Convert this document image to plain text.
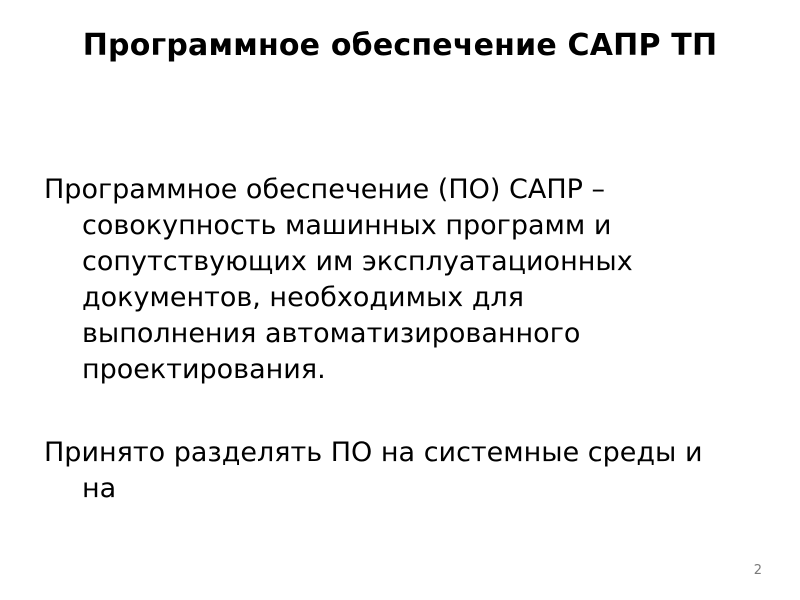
Программное обеспечение САПР ТП

Программное обеспечение (ПО) САПР – совокупность машинных программ и сопутствующих им эксплуатационных документов, необходимых для выполнения автоматизированного проектирования.

Принято разделять ПО на системные среды и на

2
